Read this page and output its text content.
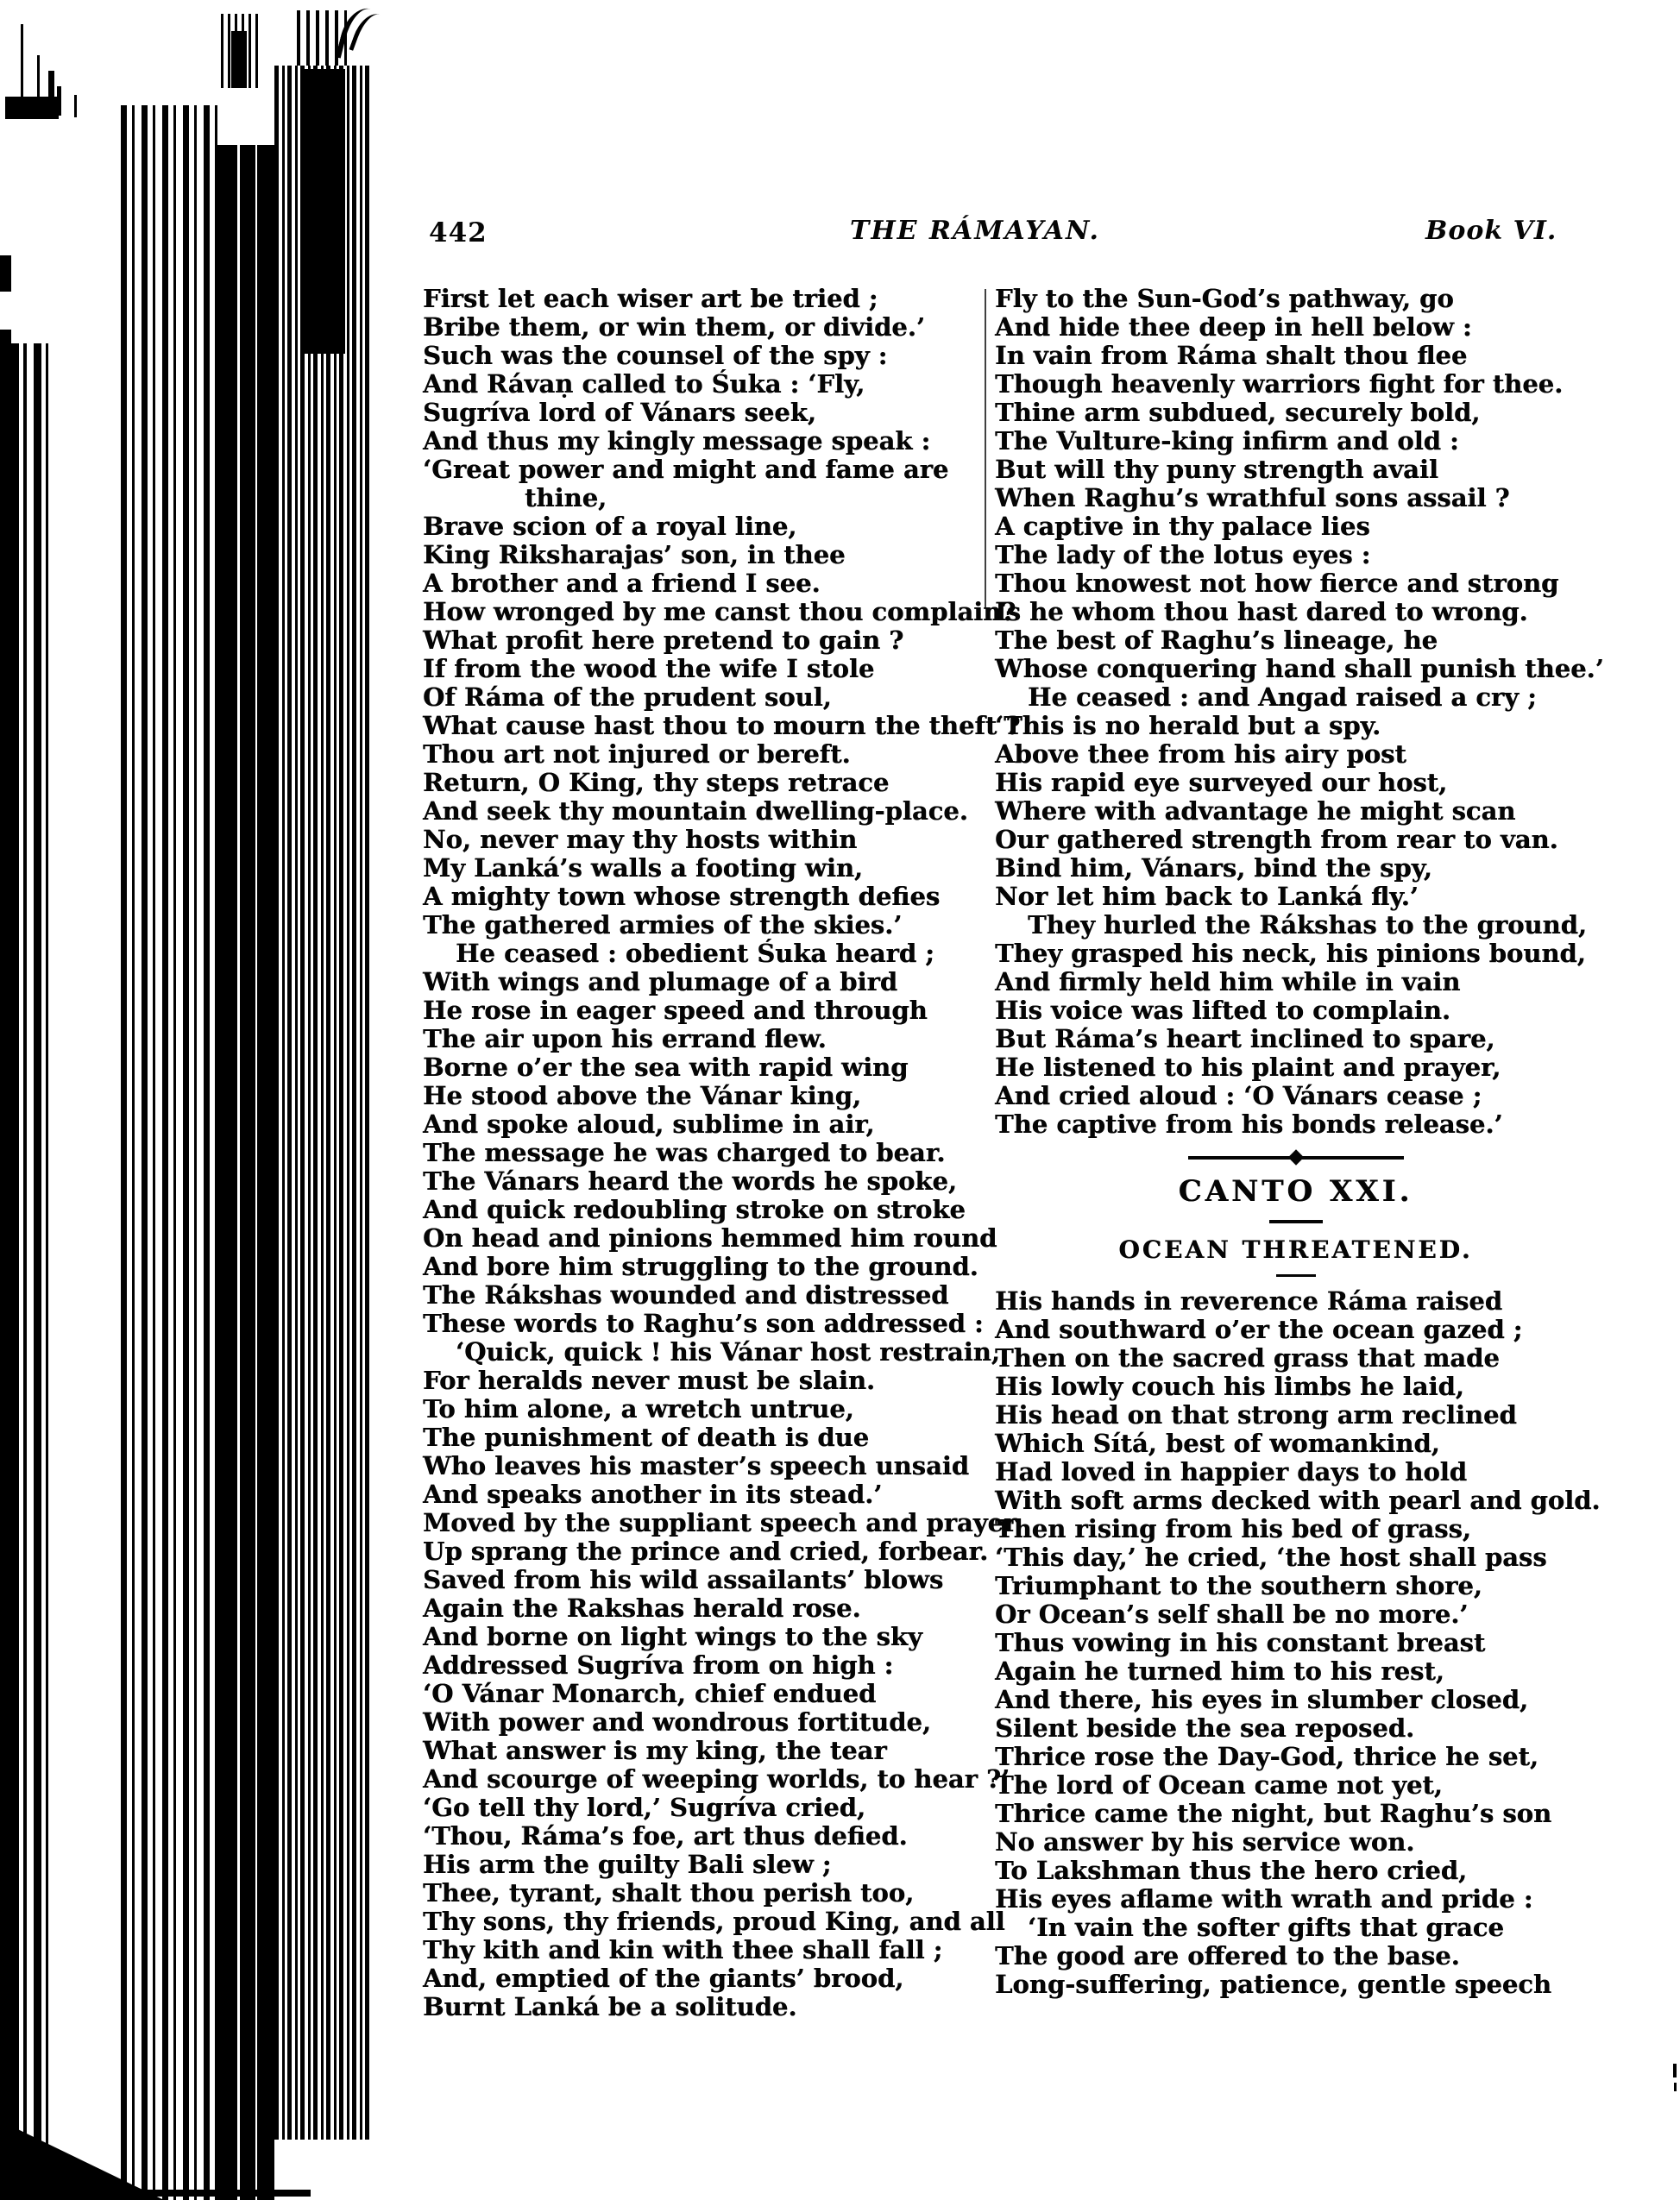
442	THE RÁMAYAN.	Book VI.
First let each wiser art be tried ;
Bribe them, or win them, or divide.’
Such was the counsel of the spy :
And Rávaṇ called to Śuka : ‘Fly,
Sugríva lord of Vánars seek,
And thus my kingly message speak :
‘Great power and might and fame are
thine,
Brave scion of a royal line,
King Riksharajas’ son, in thee
A brother and a friend I see.
How wronged by me canst thou complain?
What profit here pretend to gain ?
If from the wood the wife I stole
Of Ráma of the prudent soul,
What cause hast thou to mourn the theft ?
Thou art not injured or bereft.
Return, O King, thy steps retrace
And seek thy mountain dwelling-place.
No, never may thy hosts within
My Lanká’s walls a footing win,
A mighty town whose strength defies
The gathered armies of the skies.’
He ceased : obedient Śuka heard ;
With wings and plumage of a bird
He rose in eager speed and through
The air upon his errand flew.
Borne o’er the sea with rapid wing
He stood above the Vánar king,
And spoke aloud, sublime in air,
The message he was charged to bear.
The Vánars heard the words he spoke,
And quick redoubling stroke on stroke
On head and pinions hemmed him round
And bore him struggling to the ground.
The Rákshas wounded and distressed
These words to Raghu’s son addressed :
‘Quick, quick ! his Vánar host restrain,
For heralds never must be slain.
To him alone, a wretch untrue,
The punishment of death is due
Who leaves his master’s speech unsaid
And speaks another in its stead.’
Moved by the suppliant speech and prayer
Up sprang the prince and cried, forbear.
Saved from his wild assailants’ blows
Again the Rakshas herald rose.
And borne on light wings to the sky
Addressed Sugríva from on high :
‘O Vánar Monarch, chief endued
With power and wondrous fortitude,
What answer is my king, the tear
And scourge of weeping worlds, to hear ?’
‘Go tell thy lord,’ Sugríva cried,
‘Thou, Ráma’s foe, art thus defied.
His arm the guilty Bali slew ;
Thee, tyrant, shalt thou perish too,
Thy sons, thy friends, proud King, and all
Thy kith and kin with thee shall fall ;
And, emptied of the giants’ brood,
Burnt Lanká be a solitude.
Fly to the Sun-God’s pathway, go
And hide thee deep in hell below :
In vain from Ráma shalt thou flee
Though heavenly warriors fight for thee.
Thine arm subdued, securely bold,
The Vulture-king infirm and old :
But will thy puny strength avail
When Raghu’s wrathful sons assail ?
A captive in thy palace lies
The lady of the lotus eyes :
Thou knowest not how fierce and strong
Is he whom thou hast dared to wrong.
The best of Raghu’s lineage, he
Whose conquering hand shall punish thee.’
He ceased : and Angad raised a cry ;
‘This is no herald but a spy.
Above thee from his airy post
His rapid eye surveyed our host,
Where with advantage he might scan
Our gathered strength from rear to van.
Bind him, Vánars, bind the spy,
Nor let him back to Lanká fly.’
They hurled the Rákshas to the ground,
They grasped his neck, his pinions bound,
And firmly held him while in vain
His voice was lifted to complain.
But Ráma’s heart inclined to spare,
He listened to his plaint and prayer,
And cried aloud : ‘O Vánars cease ;
The captive from his bonds release.’
CANTO XXI.
OCEAN THREATENED.
His hands in reverence Ráma raised
And southward o’er the ocean gazed ;
Then on the sacred grass that made
His lowly couch his limbs he laid,
His head on that strong arm reclined
Which Sítá, best of womankind,
Had loved in happier days to hold
With soft arms decked with pearl and gold.
Then rising from his bed of grass,
‘This day,’ he cried, ‘the host shall pass
Triumphant to the southern shore,
Or Ocean’s self shall be no more.’
Thus vowing in his constant breast
Again he turned him to his rest,
And there, his eyes in slumber closed,
Silent beside the sea reposed.
Thrice rose the Day-God, thrice he set,
The lord of Ocean came not yet,
Thrice came the night, but Raghu’s son
No answer by his service won.
To Lakshman thus the hero cried,
His eyes aflame with wrath and pride :
‘In vain the softer gifts that grace
The good are offered to the base.
Long-suffering, patience, gentle speech
